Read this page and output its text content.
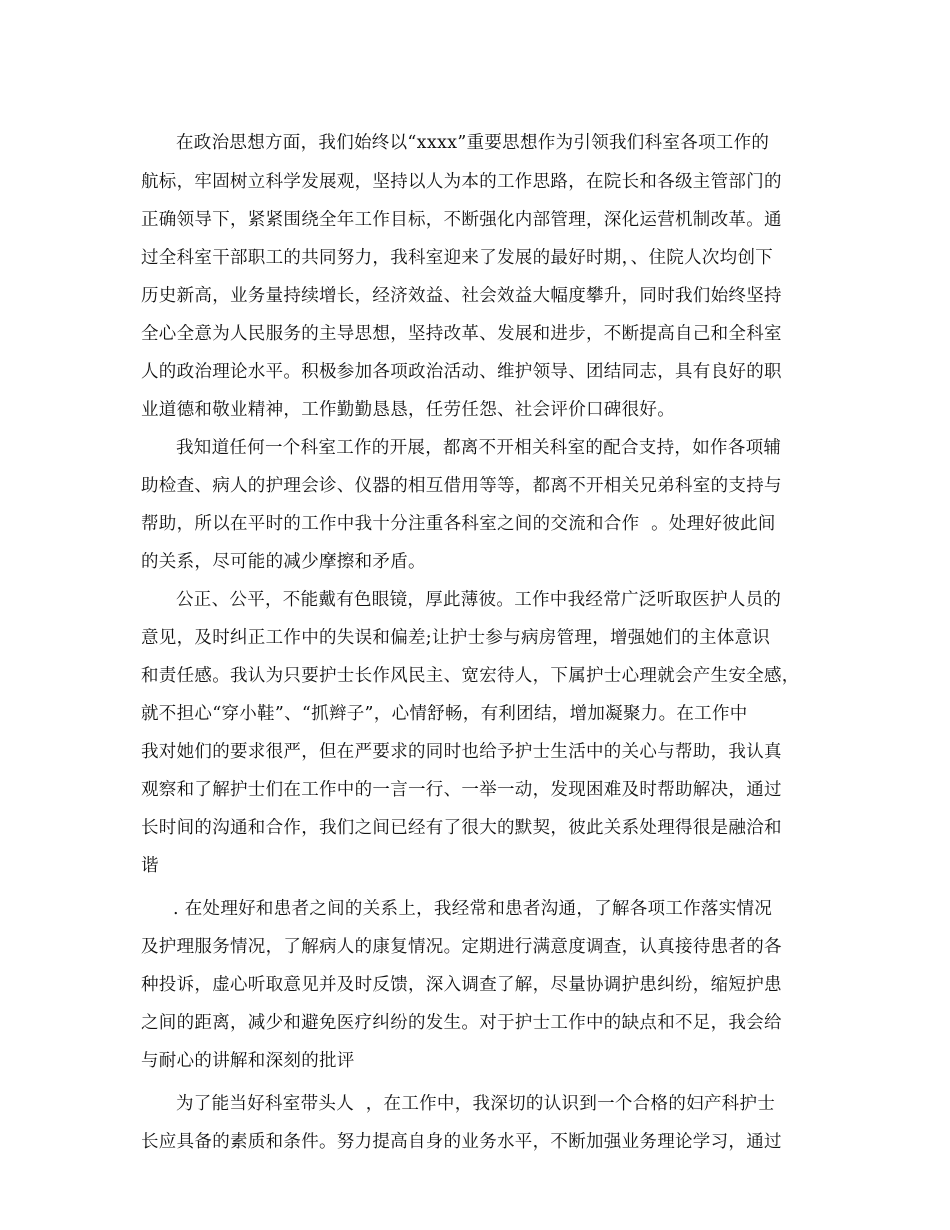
在政治思想方面，我们始终以“xxxx”重要思想作为引领我们科室各项工作的
航标，牢固树立科学发展观，坚持以人为本的工作思路，在院长和各级主管部门的
正确领导下，紧紧围绕全年工作目标，不断强化内部管理，深化运营机制改革。通
过全科室干部职工的共同努力，我科室迎来了发展的最好时期，、住院人次均创下
历史新高，业务量持续增长，经济效益、社会效益大幅度攀升，同时我们始终坚持
全心全意为人民服务的主导思想，坚持改革、发展和进步，不断提高自己和全科室
人的政治理论水平。积极参加各项政治活动、维护领导、团结同志，具有良好的职
业道德和敬业精神，工作勤勤恳恳，任劳任怨、社会评价口碑很好。
我知道任何一个科室工作的开展，都离不开相关科室的配合支持，如作各项辅
助检查、病人的护理会诊、仪器的相互借用等等，都离不开相关兄弟科室的支持与
帮助，所以在平时的工作中我十分注重各科室之间的交流和合作  。处理好彼此间
的关系，尽可能的减少摩擦和矛盾。
公正、公平，不能戴有色眼镜，厚此薄彼。工作中我经常广泛听取医护人员的
意见，及时纠正工作中的失误和偏差;让护士参与病房管理，增强她们的主体意识
和责任感。我认为只要护士长作风民主、宽宏待人，下属护士心理就会产生安全感，
就不担心“穿小鞋”、“抓辫子”，心情舒畅，有利团结，增加凝聚力。在工作中
我对她们的要求很严，但在严要求的同时也给予护士生活中的关心与帮助，我认真
观察和了解护士们在工作中的一言一行、一举一动，发现困难及时帮助解决，通过
长时间的沟通和合作，我们之间已经有了很大的默契，彼此关系处理得很是融洽和
谐
. 在处理好和患者之间的关系上，我经常和患者沟通，了解各项工作落实情况
及护理服务情况，了解病人的康复情况。定期进行满意度调查，认真接待患者的各
种投诉，虚心听取意见并及时反馈，深入调查了解，尽量协调护患纠纷，缩短护患
之间的距离，减少和避免医疗纠纷的发生。对于护士工作中的缺点和不足，我会给
与耐心的讲解和深刻的批评
为了能当好科室带头人  ，在工作中，我深切的认识到一个合格的妇产科护士
长应具备的素质和条件。努力提高自身的业务水平，不断加强业务理论学习，通过
